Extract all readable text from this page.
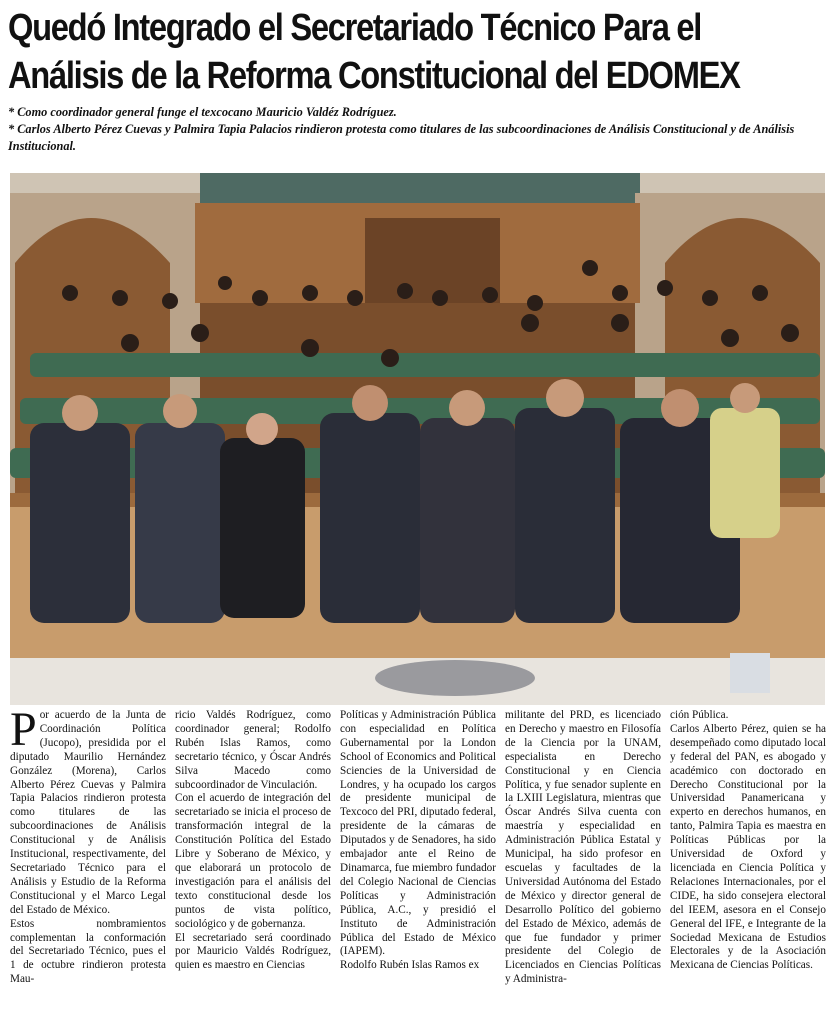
Quedó Integrado el Secretariado Técnico Para el
Análisis de la Reforma Constitucional del EDOMEX
* Como coordinador general funge el texcocano Mauricio Valdéz Rodríguez.
* Carlos Alberto Pérez Cuevas y Palmira Tapia Palacios rindieron protesta como titulares de las subcoordinaciones de Análisis Constitucional y de Análisis Institucional.

Por acuerdo de la Junta de Coordinación Política (Jucopo), presidida por el diputado Maurilio Hernández González (Morena), Carlos Alberto Pérez Cuevas y Palmira Tapia Palacios rindieron protesta como titulares de las subcoordinaciones de Análisis Constitucional y de Análisis Institucional, respectivamente, del Secretariado Técnico para el Análisis y Estudio de la Reforma Constitucional y el Marco Legal del Estado de México.

Estos nombramientos complementan la conformación del Secretariado Técnico, pues el 1 de octubre rindieron protesta Mau-

ricio Valdés Rodríguez, como coordinador general; Rodolfo Rubén Islas Ramos, como secretario técnico, y Óscar Andrés Silva Macedo como subcoordinador de Vinculación.

Con el acuerdo de integración del secretariado se inicia el proceso de transformación integral de la Constitución Política del Estado Libre y Soberano de México, y que elaborará un protocolo de investigación para el análisis del texto constitucional desde los puntos de vista político, sociológico y de gobernanza.

El secretariado será coordinado por Mauricio Valdés Rodríguez, quien es maestro en Ciencias

Políticas y Administración Pública con especialidad en Política Gubernamental por la London School of Economics and Political Sciencies de la Universidad de Londres, y ha ocupado los cargos de presidente municipal de Texcoco del PRI, diputado federal, presidente de la cámaras de Diputados y de Senadores, ha sido embajador ante el Reino de Dinamarca, fue miembro fundador del Colegio Nacional de Ciencias Políticas y Administración Pública, A.C., y presidió el Instituto de Administración Pública del Estado de México (IAPEM).

Rodolfo Rubén Islas Ramos ex

militante del PRD, es licenciado en Derecho y maestro en Filosofía de la Ciencia por la UNAM, especialista en Derecho Constitucional y en Ciencia Política, y fue senador suplente en la LXIII Legislatura, mientras que Óscar Andrés Silva cuenta con maestría y especialidad en Administración Pública Estatal y Municipal, ha sido profesor en escuelas y facultades de la Universidad Autónoma del Estado de México y director general de Desarrollo Político del gobierno del Estado de México, además de que fue fundador y primer presidente del Colegio de Licenciados en Ciencias Políticas y Administra-

ción Pública.

Carlos Alberto Pérez, quien se ha desempeñado como diputado local y federal del PAN, es abogado y académico con doctorado en Derecho Constitucional por la Universidad Panamericana y experto en derechos humanos, en tanto, Palmira Tapia es maestra en Políticas Públicas por la Universidad de Oxford y licenciada en Ciencia Política y Relaciones Internacionales, por el CIDE, ha sido consejera electoral del IEEM, asesora en el Consejo General del IFE, e Integrante de la Sociedad Mexicana de Estudios Electorales y de la Asociación Mexicana de Ciencias Políticas.
